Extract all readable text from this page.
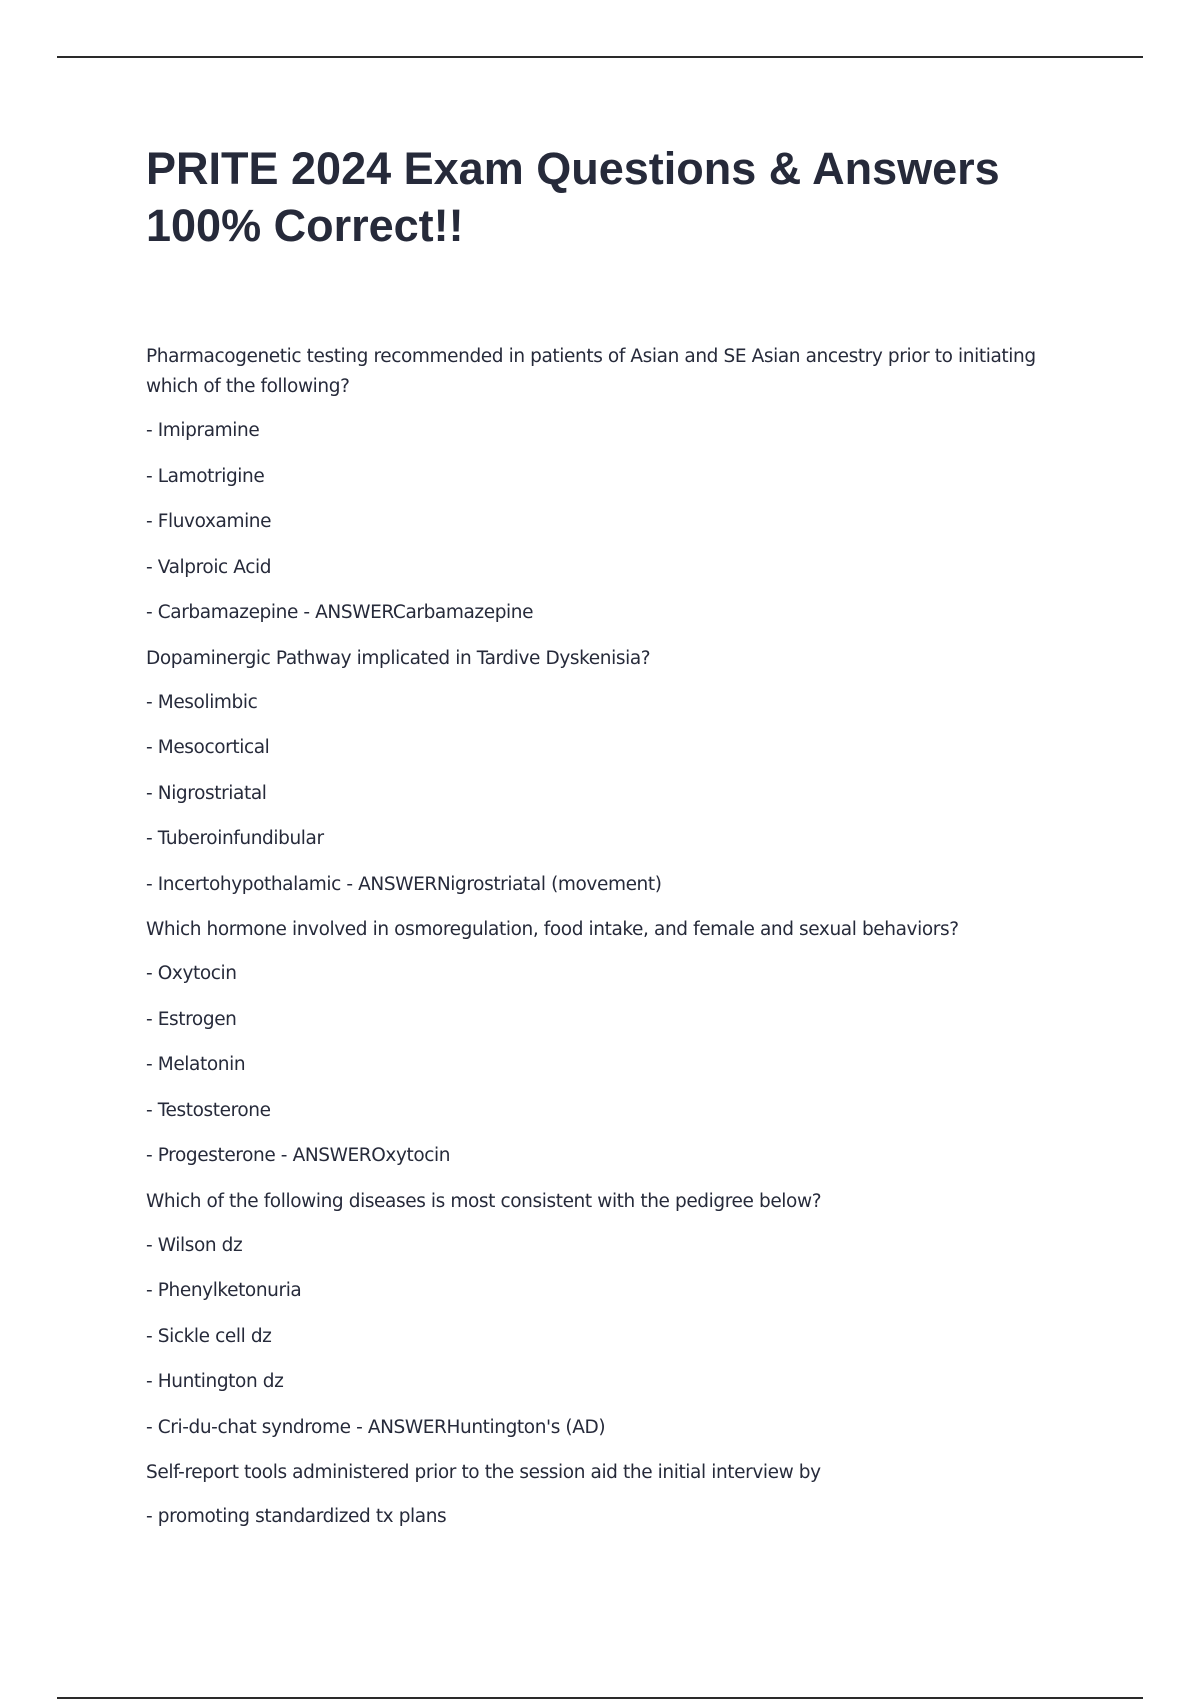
PRITE 2024 Exam Questions & Answers 100% Correct!!

Pharmacogenetic testing recommended in patients of Asian and SE Asian ancestry prior to initiating which of the following?

- Imipramine
- Lamotrigine
- Fluvoxamine
- Valproic Acid
- Carbamazepine - ANSWERCarbamazepine

Dopaminergic Pathway implicated in Tardive Dyskenisia?

- Mesolimbic
- Mesocortical
- Nigrostriatal
- Tuberoinfundibular
- Incertohypothalamic - ANSWERNigrostriatal (movement)

Which hormone involved in osmoregulation, food intake, and female and sexual behaviors?

- Oxytocin
- Estrogen
- Melatonin
- Testosterone
- Progesterone - ANSWEROxytocin

Which of the following diseases is most consistent with the pedigree below?

- Wilson dz
- Phenylketonuria
- Sickle cell dz
- Huntington dz
- Cri-du-chat syndrome - ANSWERHuntington's (AD)

Self-report tools administered prior to the session aid the initial interview by

- promoting standardized tx plans
